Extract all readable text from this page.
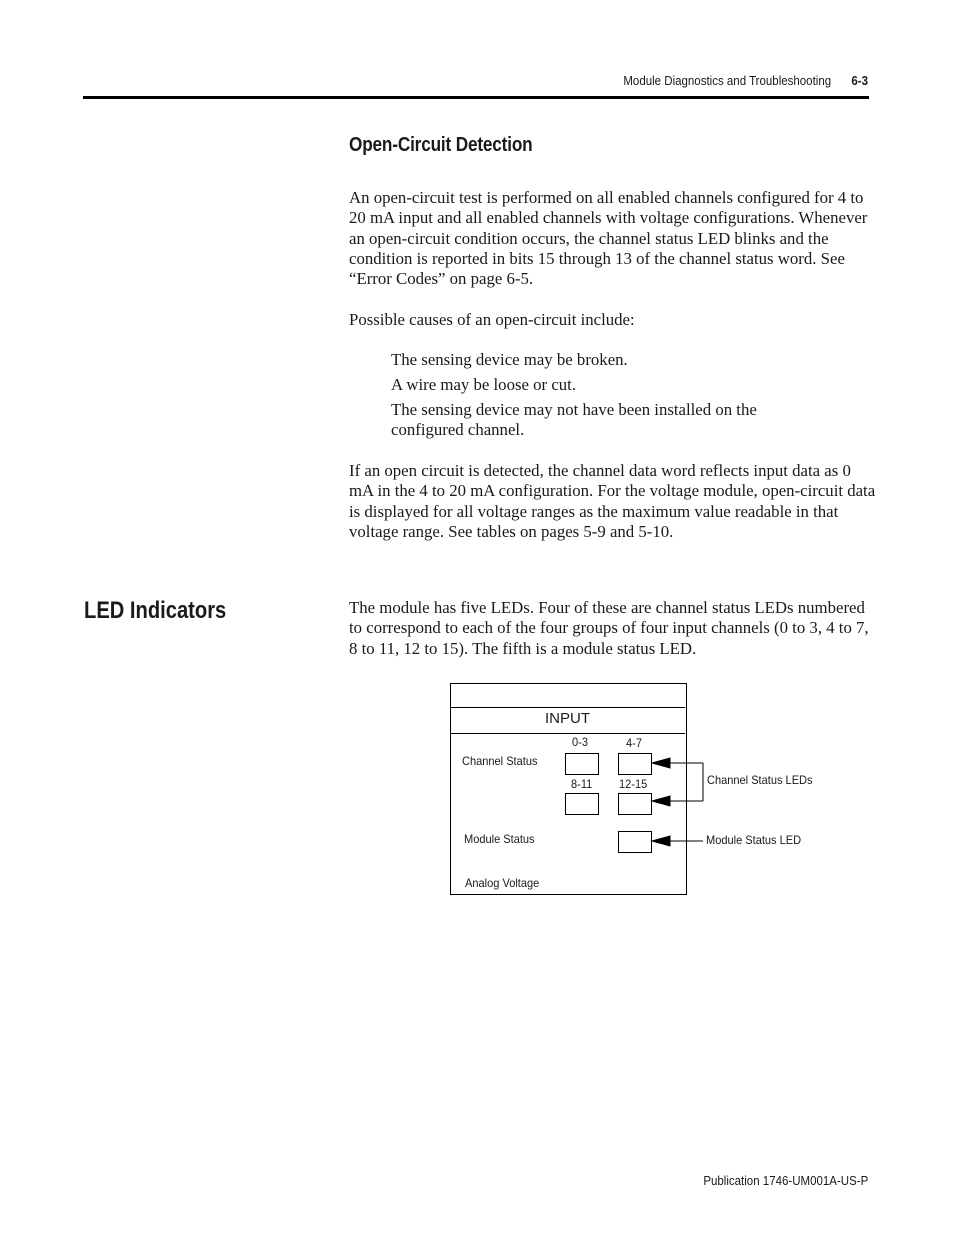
Module Diagnostics and Troubleshooting 6-3
Open-Circuit Detection

An open-circuit test is performed on all enabled channels configured for 4 to 20 mA input and all enabled channels with voltage configurations. Whenever an open-circuit condition occurs, the channel status LED blinks and the condition is reported in bits 15 through 13 of the channel status word. See “Error Codes” on page 6-5.

Possible causes of an open-circuit include:

The sensing device may be broken.

A wire may be loose or cut.

The sensing device may not have been installed on the configured channel.

If an open circuit is detected, the channel data word reflects input data as 0 mA in the 4 to 20 mA configuration. For the voltage module, open-circuit data is displayed for all voltage ranges as the maximum value readable in that voltage range. See tables on pages 5-9 and 5-10.

LED Indicators	The module has five LEDs. Four of these are channel status LEDs numbered to correspond to each of the four groups of four input channels (0 to 3, 4 to 7, 8 to 11, 12 to 15). The fifth is a module status LED.

INPUT
Channel Status
Module Status
Analog Voltage
0-3	4-7
8-11 12-15	Channel Status LEDs
Module Status LED
Publication 1746-UM001A-US-P
